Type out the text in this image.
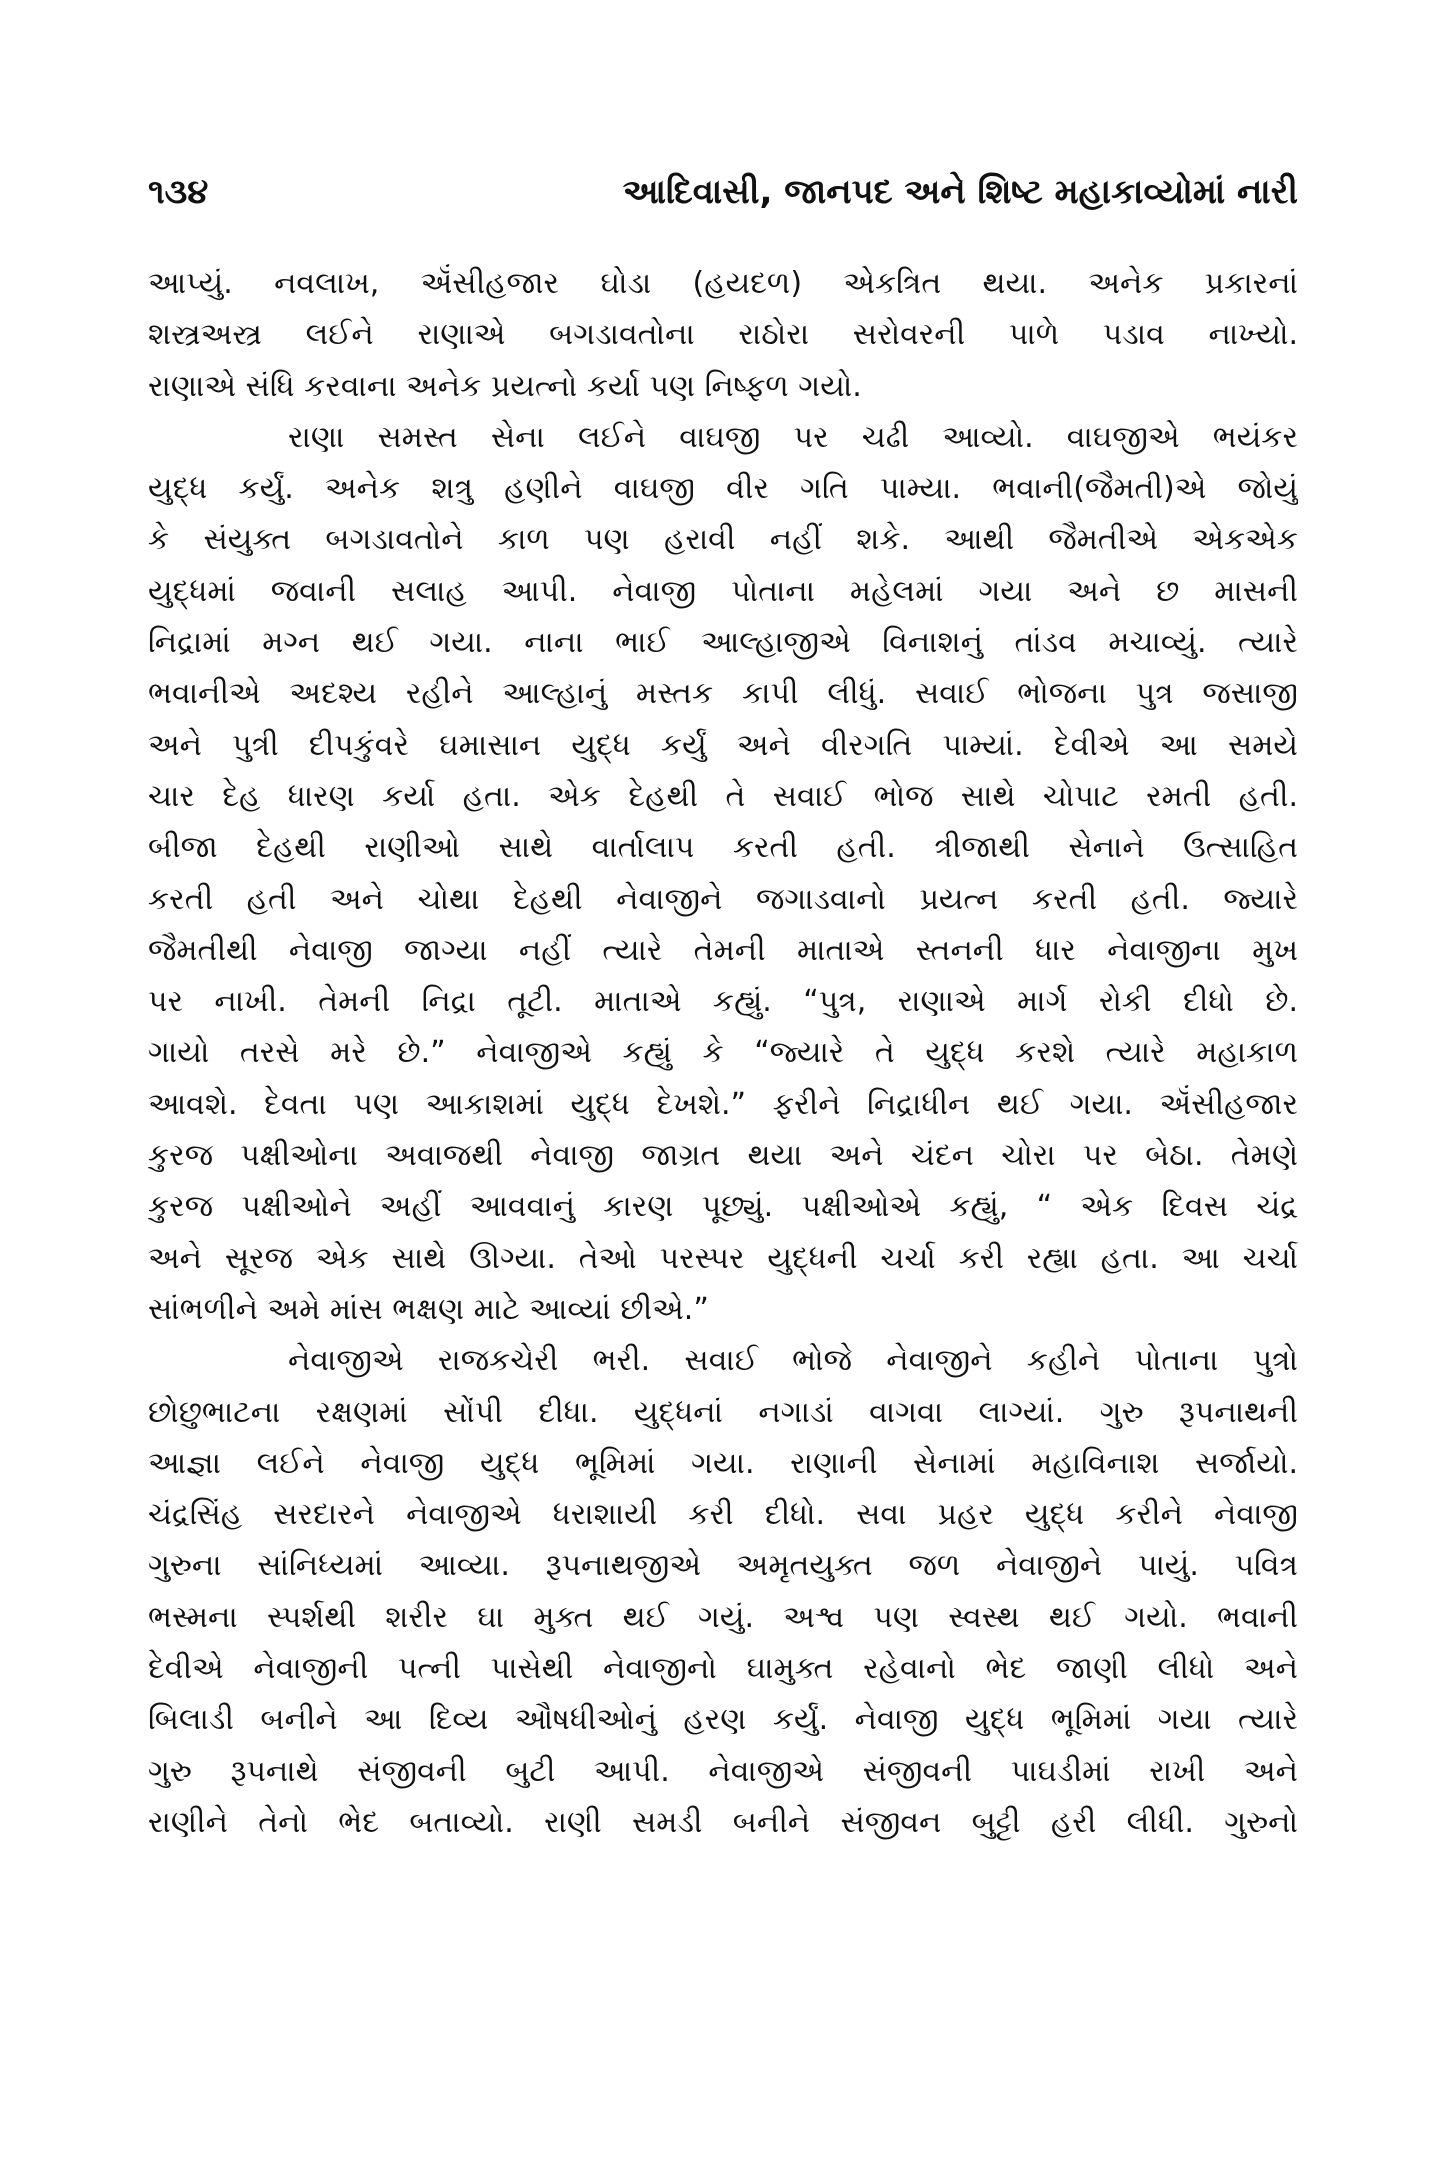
૧૩૪	આદિવાસી, જાનપદ અને શિષ્ટ મહાકાવ્યોમાં નારી
આપ્યું. નવલાખ, ઍંસીહજાર ઘોડા (હયદળ) એકત્રિત થયા. અનેક પ્રકારનાં
શસ્ત્રઅસ્ત્ર લઈને રાણાએ બગડાવતોના રાઠોરા સરોવરની પાળે પડાવ નાખ્યો.
રાણાએ સંધિ કરવાના અનેક પ્રયત્નો કર્યા પણ નિષ્ફળ ગયો.
રાણા સમસ્ત સેના લઈને વાઘજી પર ચઢી આવ્યો. વાઘજીએ ભયંકર
યુદ્ધ કર્યું. અનેક શત્રુ હણીને વાઘજી વીર ગતિ પામ્યા. ભવાની(જૈમતી)એ જોયું
કે સંયુક્ત બગડાવતોને કાળ પણ હરાવી નહીં શકે. આથી જૈમતીએ એકએક
યુદ્ધમાં જવાની સલાહ આપી. નેવાજી પોતાના મહેલમાં ગયા અને છ માસની
નિદ્રામાં મગ્ન થઈ ગયા. નાના ભાઈ આલ્હાજીએ વિનાશનું તાંડવ મચાવ્યું. ત્યારે
ભવાનીએ અદશ્ય રહીને આલ્હાનું મસ્તક કાપી લીધું. સવાઈ ભોજના પુત્ર જસાજી
અને પુત્રી દીપકુંવરે ઘમાસાન યુદ્ધ કર્યું અને વીરગતિ પામ્યાં. દેવીએ આ સમયે
ચાર દેહ ધારણ કર્યા હતા. એક દેહથી તે સવાઈ ભોજ સાથે ચોપાટ રમતી હતી.
બીજા દેહથી રાણીઓ સાથે વાર્તાલાપ કરતી હતી. ત્રીજાથી સેનાને ઉત્સાહિત
કરતી હતી અને ચોથા દેહથી નેવાજીને જગાડવાનો પ્રયત્ન કરતી હતી. જ્યારે
જૈમતીથી નેવાજી જાગ્યા નહીં ત્યારે તેમની માતાએ સ્તનની ધાર નેવાજીના મુખ
પર નાખી. તેમની નિદ્રા તૂટી. માતાએ કહ્યું. “પુત્ર, રાણાએ માર્ગ રોકી દીધો છે.
ગાયો તરસે મરે છે.” નેવાજીએ કહ્યું કે “જ્યારે તે યુદ્ધ કરશે ત્યારે મહાકાળ
આવશે. દેવતા પણ આકાશમાં યુદ્ધ દેખશે.” ફરીને નિદ્રાધીન થઈ ગયા. ઍંસીહજાર
કુરજ પક્ષીઓના અવાજથી નેવાજી જાગ્રત થયા અને ચંદન ચોરા પર બેઠા. તેમણે
કુરજ પક્ષીઓને અહીં આવવાનું કારણ પૂછ્યું. પક્ષીઓએ કહ્યું, “ એક દિવસ ચંદ્ર
અને સૂરજ એક સાથે ઊગ્યા. તેઓ પરસ્પર યુદ્ધની ચર્ચા કરી રહ્યા હતા. આ ચર્ચા
સાંભળીને અમે માંસ ભક્ષણ માટે આવ્યાં છીએ.”
નેવાજીએ રાજકચેરી ભરી. સવાઈ ભોજે નેવાજીને કહીને પોતાના પુત્રો
છોછુભાટના રક્ષણમાં સોંપી દીધા. યુદ્ધનાં નગાડાં વાગવા લાગ્યાં. ગુરુ રૂપનાથની
આજ્ઞા લઈને નેવાજી યુદ્ધ ભૂમિમાં ગયા. રાણાની સેનામાં મહાવિનાશ સર્જાયો.
ચંદ્રસિંહ સરદારને નેવાજીએ ધરાશાયી કરી દીધો. સવા પ્રહર યુદ્ધ કરીને નેવાજી
ગુરુના સાંનિધ્યમાં આવ્યા. રૂપનાથજીએ અમૃતયુક્ત જળ નેવાજીને પાયું. પવિત્ર
ભસ્મના સ્પર્શથી શરીર ઘા મુક્ત થઈ ગયું. અશ્વ પણ સ્વસ્થ થઈ ગયો. ભવાની
દેવીએ નેવાજીની પત્ની પાસેથી નેવાજીનો ઘામુક્ત રહેવાનો ભેદ જાણી લીધો અને
બિલાડી બનીને આ દિવ્ય ઔષધીઓનું હરણ કર્યું. નેવાજી યુદ્ધ ભૂમિમાં ગયા ત્યારે
ગુરુ રૂપનાથે સંજીવની બુટી આપી. નેવાજીએ સંજીવની પાઘડીમાં રાખી અને
રાણીને તેનો ભેદ બતાવ્યો. રાણી સમડી બનીને સંજીવન બુટ્ટી હરી લીધી. ગુરુનો
